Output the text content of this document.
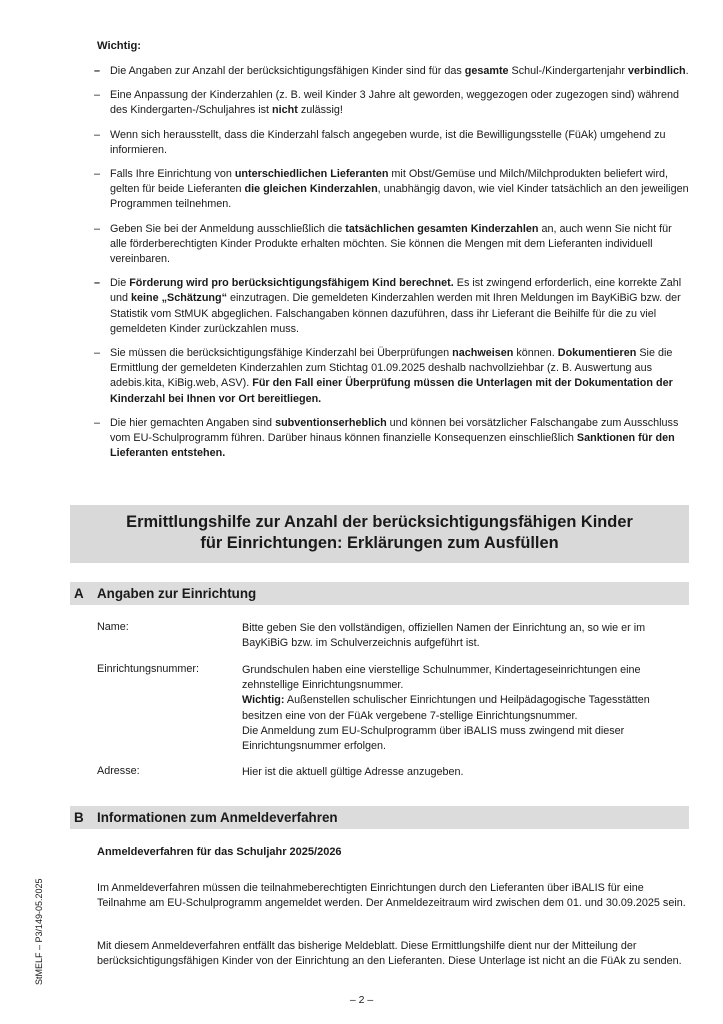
Wichtig:
– Die Angaben zur Anzahl der berücksichtigungsfähigen Kinder sind für das gesamte Schul-/Kindergartenjahr verbindlich.
– Eine Anpassung der Kinderzahlen (z. B. weil Kinder 3 Jahre alt geworden, weggezogen oder zugezogen sind) während des Kindergarten-/Schuljahres ist nicht zulässig!
– Wenn sich herausstellt, dass die Kinderzahl falsch angegeben wurde, ist die Bewilligungsstelle (FüAk) umgehend zu informieren.
– Falls Ihre Einrichtung von unterschiedlichen Lieferanten mit Obst/Gemüse und Milch/Milchprodukten beliefert wird, gelten für beide Lieferanten die gleichen Kinderzahlen, unabhängig davon, wie viel Kinder tatsächlich an den jeweiligen Programmen teilnehmen.
– Geben Sie bei der Anmeldung ausschließlich die tatsächlichen gesamten Kinderzahlen an, auch wenn Sie nicht für alle förderberechtigten Kinder Produkte erhalten möchten. Sie können die Mengen mit dem Lieferanten individuell vereinbaren.
– Die Förderung wird pro berücksichtigungsfähigem Kind berechnet. Es ist zwingend erforderlich, eine korrekte Zahl und keine „Schätzung“ einzutragen. Die gemeldeten Kinderzahlen werden mit Ihren Meldungen im BayKiBiG bzw. der Statistik vom StMUK abgeglichen. Falschangaben können dazuführen, dass ihr Lieferant die Beihilfe für die zu viel gemeldeten Kinder zurückzahlen muss.
– Sie müssen die berücksichtigungsfähige Kinderzahl bei Überprüfungen nachweisen können. Dokumentieren Sie die Ermittlung der gemeldeten Kinderzahlen zum Stichtag 01.09.2025 deshalb nachvollziehbar (z. B. Auswertung aus adebis.kita, KiBig.web, ASV). Für den Fall einer Überprüfung müssen die Unterlagen mit der Dokumentation der Kinderzahl bei Ihnen vor Ort bereitliegen.
– Die hier gemachten Angaben sind subventionserheblich und können bei vorsätzlicher Falschangabe zum Ausschluss vom EU-Schulprogramm führen. Darüber hinaus können finanzielle Konsequenzen einschließlich Sanktionen für den Lieferanten entstehen.
Ermittlungshilfe zur Anzahl der berücksichtigungsfähigen Kinder
für Einrichtungen: Erklärungen zum Ausfüllen
A Angaben zur Einrichtung
Name:	Bitte geben Sie den vollständigen, offiziellen Namen der Einrichtung an, so wie er im BayKiBiG bzw. im Schulverzeichnis aufgeführt ist.
Einrichtungsnummer:	Grundschulen haben eine vierstellige Schulnummer, Kindertageseinrichtungen eine zehnstellige Einrichtungsnummer.
Wichtig: Außenstellen schulischer Einrichtungen und Heilpädagogische Tagesstätten besitzen eine von der FüAk vergebene 7-stellige Einrichtungsnummer.
Die Anmeldung zum EU-Schulprogramm über iBALIS muss zwingend mit dieser Einrichtungsnummer erfolgen.
Adresse:	Hier ist die aktuell gültige Adresse anzugeben.
B Informationen zum Anmeldeverfahren
Anmeldeverfahren für das Schuljahr 2025/2026
Im Anmeldeverfahren müssen die teilnahmeberechtigten Einrichtungen durch den Lieferanten über iBALIS für eine Teilnahme am EU-Schulprogramm angemeldet werden. Der Anmeldezeitraum wird zwischen dem 01. und 30.09.2025 sein.
Mit diesem Anmeldeverfahren entfällt das bisherige Meldeblatt. Diese Ermittlungshilfe dient nur der Mitteilung der berücksichtigungsfähigen Kinder von der Einrichtung an den Lieferanten. Diese Unterlage ist nicht an die FüAk zu senden.
StMELF – P3/149-05.2025
– 2 –
